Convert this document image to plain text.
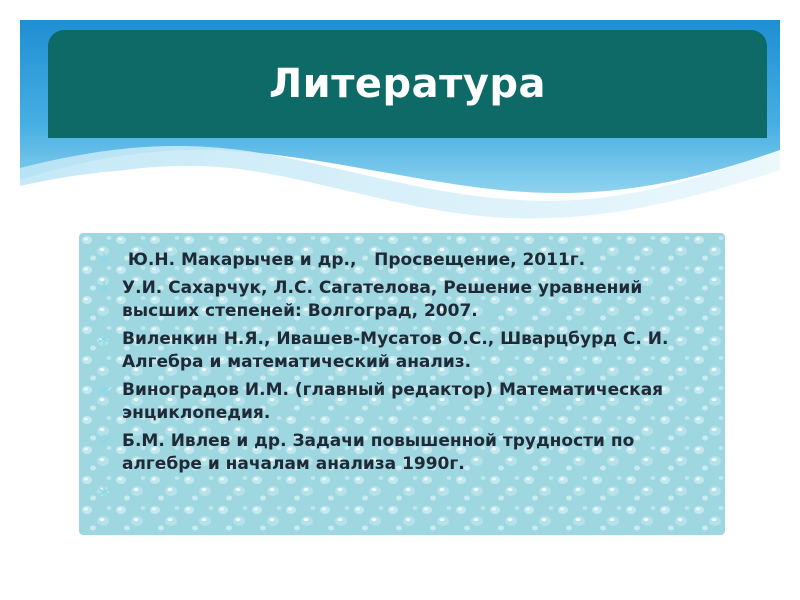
Литература
Ю.Н. Макарычев и др.,   Просвещение, 2011г.
У.И. Сахарчук, Л.С. Сагателова, Решение уравнений высших степеней: Волгоград, 2007.
Виленкин Н.Я., Ивашев-Мусатов О.С., Шварцбурд С. И. Алгебра и математический анализ.
Виноградов И.М. (главный редактор) Математическая энциклопедия.
Б.М. Ивлев и др. Задачи повышенной трудности по алгебре и началам анализа 1990г.
